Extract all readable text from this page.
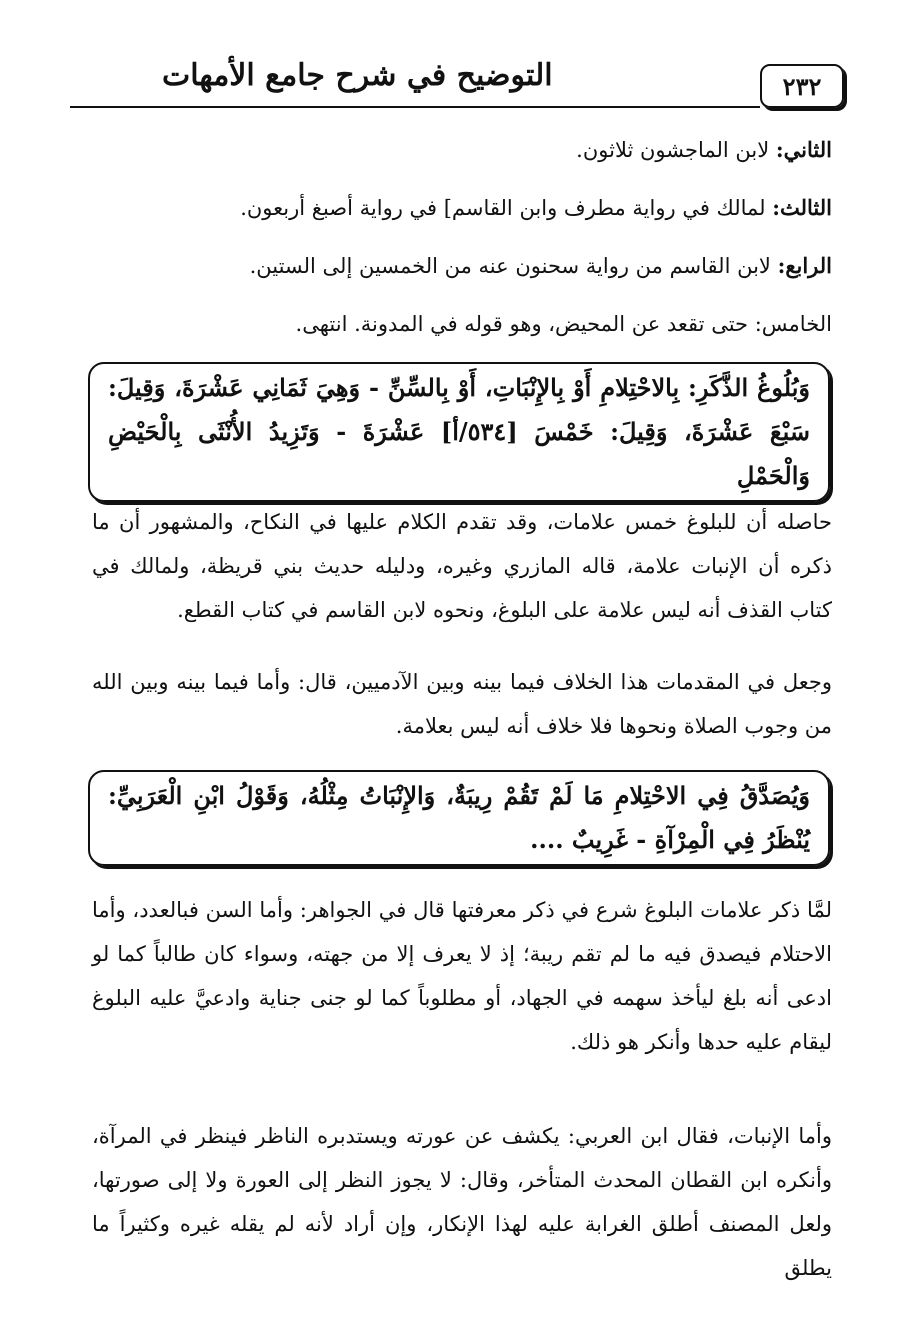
٢٣٢
التوضيح في شرح جامع الأمهات
الثاني: لابن الماجشون ثلاثون.
الثالث: لمالك في رواية مطرف وابن القاسم] في رواية أصبغ أربعون.
الرابع: لابن القاسم من رواية سحنون عنه من الخمسين إلى الستين.
الخامس: حتى تقعد عن المحيض، وهو قوله في المدونة. انتهى.
وَبُلُوغُ الذَّكَرِ: بِالاحْتِلامِ أَوْ بِالإِنْبَاتِ، أَوْ بِالسِّنِّ - وَهِيَ ثَمَانِي عَشْرَةَ، وَقِيلَ: سَبْعَ عَشْرَةَ، وَقِيلَ: خَمْسَ [٥٣٤/أ] عَشْرَةَ - وَتَزِيدُ الأُنْثَى بِالْحَيْضِ وَالْحَمْلِ
حاصله أن للبلوغ خمس علامات، وقد تقدم الكلام عليها في النكاح، والمشهور أن ما ذكره أن الإنبات علامة، قاله المازري وغيره، ودليله حديث بني قريظة، ولمالك في كتاب القذف أنه ليس علامة على البلوغ، ونحوه لابن القاسم في كتاب القطع.
وجعل في المقدمات هذا الخلاف فيما بينه وبين الآدميين، قال: وأما فيما بينه وبين الله من وجوب الصلاة ونحوها فلا خلاف أنه ليس بعلامة.
وَيُصَدَّقُ فِي الاحْتِلامِ مَا لَمْ تَقُمْ رِيبَةٌ، وَالإِنْبَاتُ مِثْلُهُ، وَقَوْلُ ابْنِ الْعَرَبِيِّ: يُنْظَرُ فِي الْمِرْآةِ - غَرِيبٌ ....
لمَّا ذكر علامات البلوغ شرع في ذكر معرفتها قال في الجواهر: وأما السن فبالعدد، وأما الاحتلام فيصدق فيه ما لم تقم ريبة؛ إذ لا يعرف إلا من جهته، وسواء كان طالباً كما لو ادعى أنه بلغ ليأخذ سهمه في الجهاد، أو مطلوباً كما لو جنى جناية وادعيَّ عليه البلوغ ليقام عليه حدها وأنكر هو ذلك.
وأما الإنبات، فقال ابن العربي: يكشف عن عورته ويستدبره الناظر فينظر في المرآة، وأنكره ابن القطان المحدث المتأخر، وقال: لا يجوز النظر إلى العورة ولا إلى صورتها، ولعل المصنف أطلق الغرابة عليه لهذا الإنكار، وإن أراد لأنه لم يقله غيره وكثيراً ما يطلق
